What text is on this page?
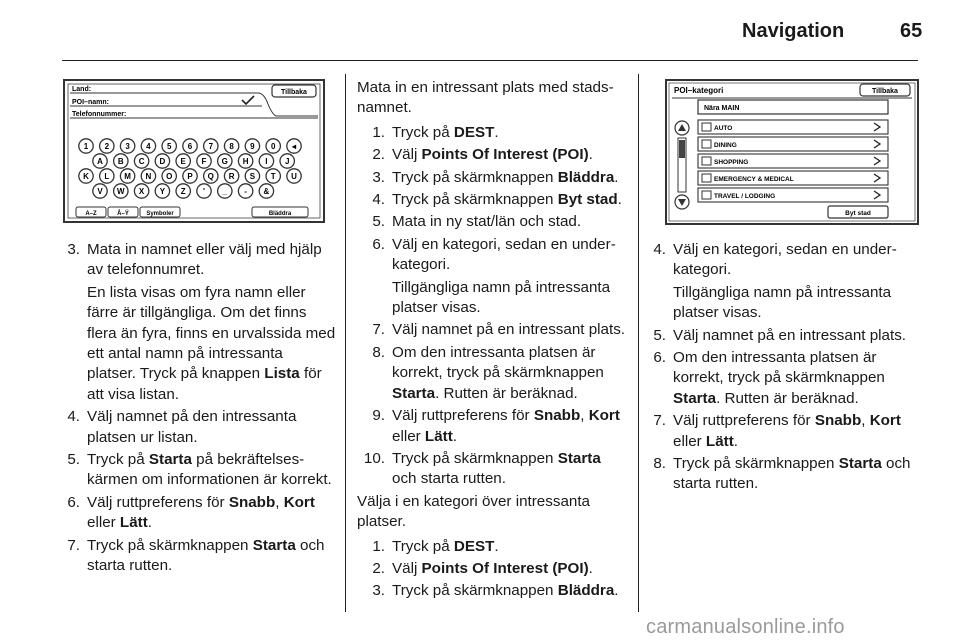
Navigation	65
Tillbaka
Land:
POI–namn:
Telefonnummer:
1 2 3 4 5 6 7 8 9 0 ◂
A B C D E F G H I J
K L M N O P Q R S T U
V W X Y Z ' _ - &
A–Z	Å–Ÿ	Symboler	Bläddra
POI–kategori	Tillbaka
Nära MAIN
AUTO
DINING
SHOPPING
EMERGENCY & MEDICAL
TRAVEL / LODGING
Byt stad
3. Mata in namnet eller välj med hjälp av telefonnumret.
En lista visas om fyra namn eller färre är tillgängliga. Om det finns flera än fyra, finns en urvalssida med ett antal namn på intressanta platser. Tryck på knappen Lista för att visa listan.
4. Välj namnet på den intressanta platsen ur listan.
5. Tryck på Starta på bekräftelseskärmen om informationen är korrekt.
6. Välj ruttpreferens för Snabb, Kort eller Lätt.
7. Tryck på skärmknappen Starta och starta rutten.

Mata in en intressant plats med stadsnamnet.

1. Tryck på DEST.
2. Välj Points Of Interest (POI).
3. Tryck på skärmknappen Bläddra.
4. Tryck på skärmknappen Byt stad.
5. Mata in ny stat/län och stad.
6. Välj en kategori, sedan en underkategori.
Tillgängliga namn på intressanta platser visas.
7. Välj namnet på en intressant plats.
8. Om den intressanta platsen är korrekt, tryck på skärmknappen Starta. Rutten är beräknad.
9. Välj ruttpreferens för Snabb, Kort eller Lätt.
10. Tryck på skärmknappen Starta och starta rutten.

Välja i en kategori över intressanta platser.

1. Tryck på DEST.
2. Välj Points Of Interest (POI).
3. Tryck på skärmknappen Bläddra.
4. Välj en kategori, sedan en underkategori.
Tillgängliga namn på intressanta platser visas.
5. Välj namnet på en intressant plats.
6. Om den intressanta platsen är korrekt, tryck på skärmknappen Starta. Rutten är beräknad.
7. Välj ruttpreferens för Snabb, Kort eller Lätt.
8. Tryck på skärmknappen Starta och starta rutten.
carmanualsonline.info
